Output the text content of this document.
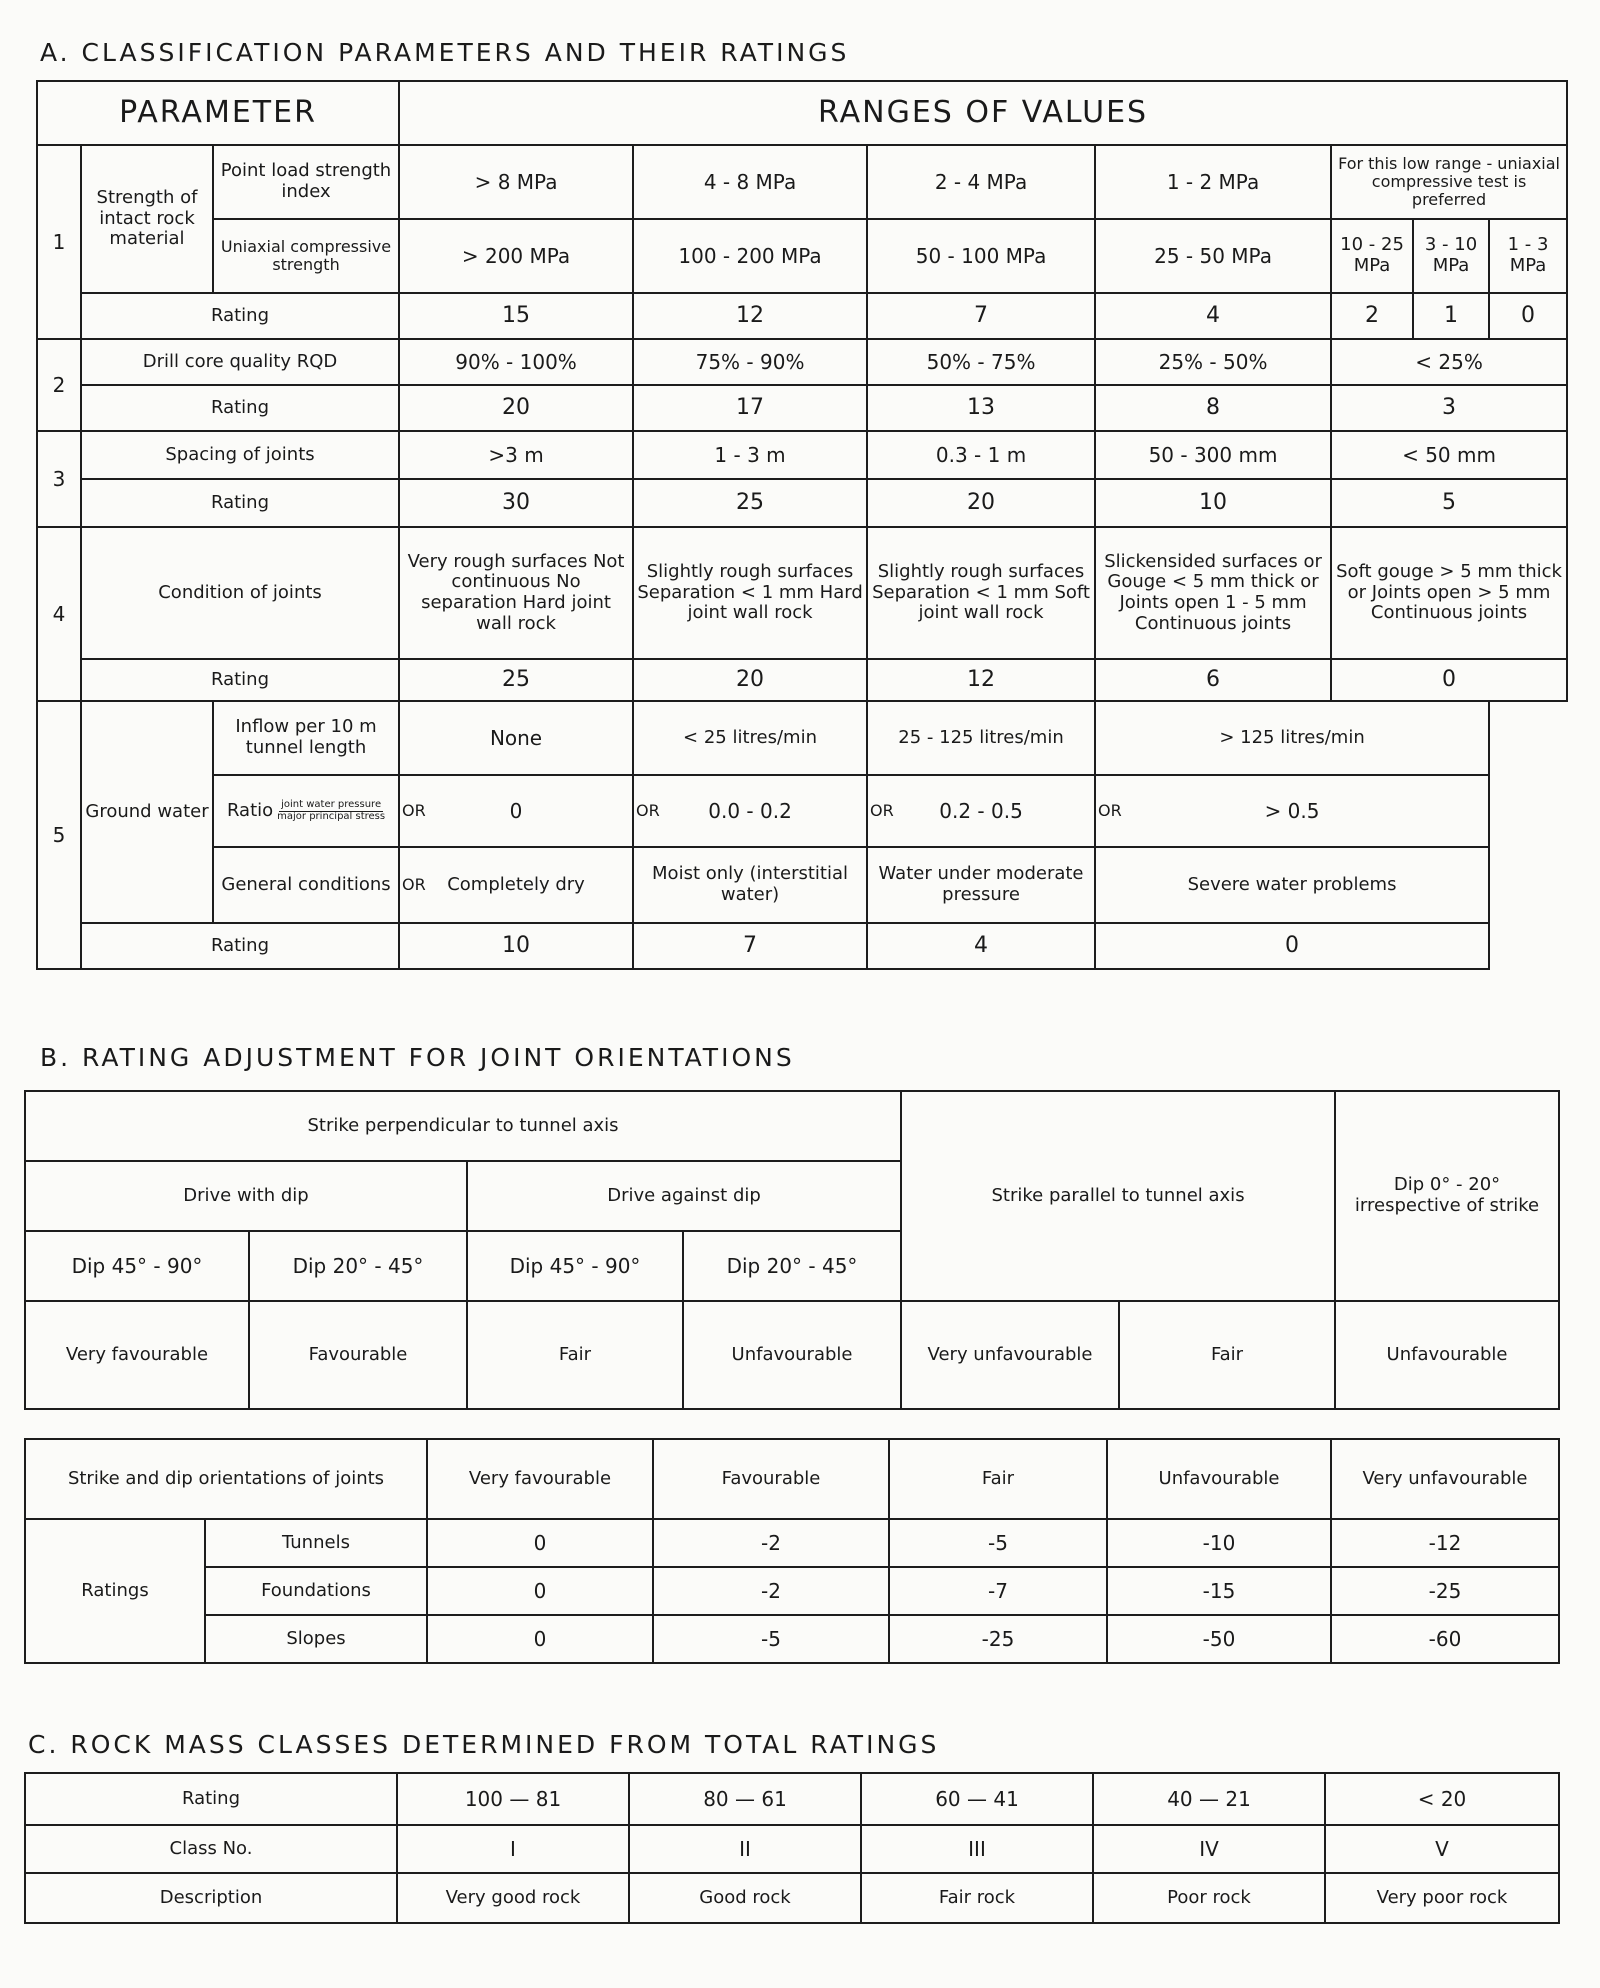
A. CLASSIFICATION PARAMETERS AND THEIR RATINGS
PARAMETER			RANGES OF VALUES						
1	Strength of intact rock material	Point load strength index	> 8 MPa	4 - 8 MPa	2 - 4 MPa	1 - 2 MPa	For this low range - uniaxial compressive test is preferred		
		Uniaxial compressive strength	> 200 MPa	100 - 200 MPa	50 - 100 MPa	25 - 50 MPa	10 - 25 MPa	3 - 10 MPa	1 - 3 MPa
	Rating		15	12	7	4	2	1	0
2	Drill core quality RQD		90% - 100%	75% - 90%	50% - 75%	25% - 50%	< 25%		
	Rating		20	17	13	8	3		
3	Spacing of joints		>3 m	1 - 3 m	0.3 - 1 m	50 - 300 mm	< 50 mm		
	Rating		30	25	20	10	5		
4	Condition of joints		Very rough surfaces Not continuous No separation Hard joint wall rock	Slightly rough surfaces Separation < 1 mm Hard joint wall rock	Slightly rough surfaces Separation < 1 mm Soft joint wall rock	Slickensided surfaces or Gouge < 5 mm thick or Joints open 1 - 5 mm Continuous joints	Soft gouge > 5 mm thick or Joints open > 5 mm Continuous joints		
	Rating		25	20	12	6	0		
5	Ground water	Inflow per 10 m tunnel length	None	< 25 litres/min	25 - 125 litres/min	> 125 litres/min			

		Ratio $\frac{\text{joint water pressure}}{\text{major principal stress}}$	OR 0	OR 0.0 - 0.2	OR 0.2 - 0.5	OR > 0.5			
		General conditions	OR Completely dry	Moist only (interstitial water)	Water under moderate pressure	Severe water problems			
	Rating		10	7	4	0			
B. RATING ADJUSTMENT FOR JOINT ORIENTATIONS
Strike perpendicular to tunnel axis				Strike parallel to tunnel axis		Dip 0° - 20° irrespective of strike
Drive with dip		Drive against dip				
Dip 45° - 90°	Dip 20° - 45°	Dip 45° - 90°	Dip 20° - 45°			
Very favourable	Favourable	Fair	Unfavourable	Very unfavourable	Fair	Unfavourable
Strike and dip orientations of joints		Very favourable	Favourable	Fair	Unfavourable	Very unfavourable
Ratings	Tunnels	0	-2	-5	-10	-12
	Foundations	0	-2	-7	-15	-25
	Slopes	0	-5	-25	-50	-60
C. ROCK MASS CLASSES DETERMINED FROM TOTAL RATINGS
Rating	100 — 81	80 — 61	60 — 41	40 — 21	< 20
Class No.	I	II	III	IV	V
Description	Very good rock	Good rock	Fair rock	Poor rock	Very poor rock
